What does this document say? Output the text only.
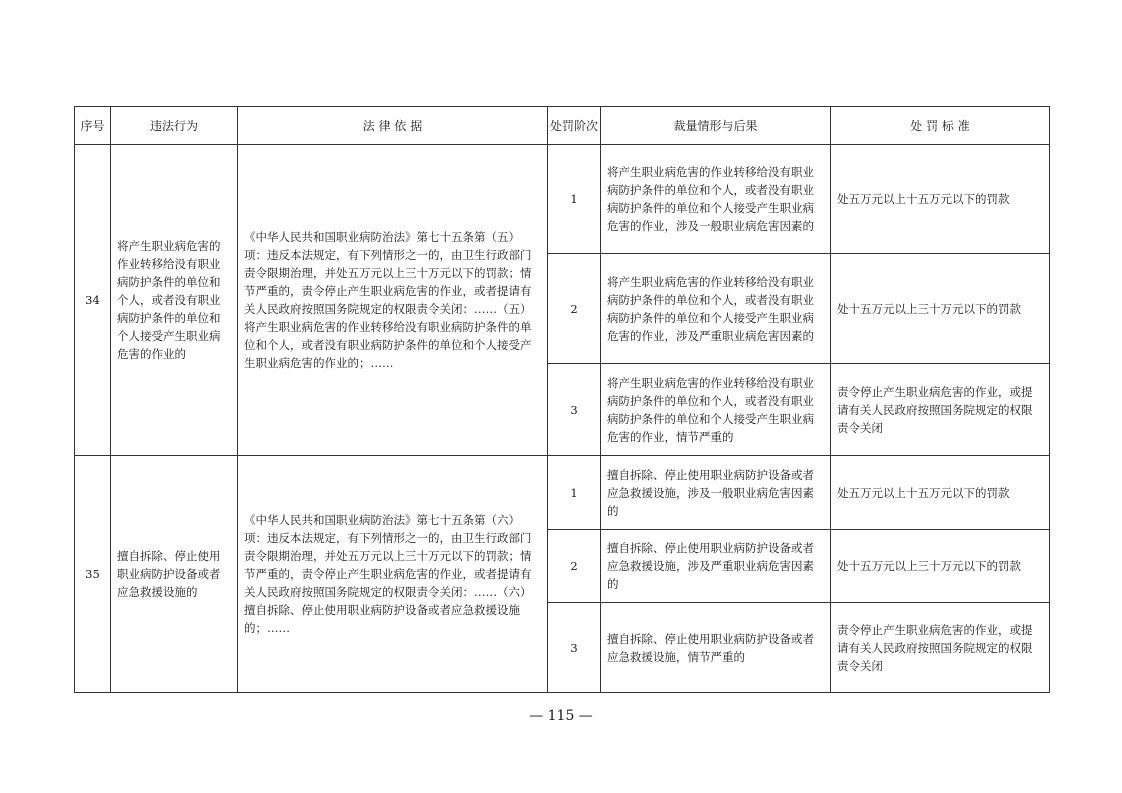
序号	违法行为	法 律 依 据	处罚阶次	裁量情形与后果	处 罚 标 准
34	将产生职业病危害的作业转移给没有职业病防护条件的单位和个人，或者没有职业病防护条件的单位和个人接受产生职业病危害的作业的	《中华人民共和国职业病防治法》第七十五条第（五）项：违反本法规定，有下列情形之一的，由卫生行政部门责令限期治理，并处五万元以上三十万元以下的罚款；情节严重的，责令停止产生职业病危害的作业，或者提请有关人民政府按照国务院规定的权限责令关闭：……（五）将产生职业病危害的作业转移给没有职业病防护条件的单位和个人，或者没有职业病防护条件的单位和个人接受产生职业病危害的作业的；……	1	将产生职业病危害的作业转移给没有职业病防护条件的单位和个人，或者没有职业病防护条件的单位和个人接受产生职业病危害的作业，涉及一般职业病危害因素的	处五万元以上十五万元以下的罚款
			2	将产生职业病危害的作业转移给没有职业病防护条件的单位和个人，或者没有职业病防护条件的单位和个人接受产生职业病危害的作业，涉及严重职业病危害因素的	处十五万元以上三十万元以下的罚款
			3	将产生职业病危害的作业转移给没有职业病防护条件的单位和个人，或者没有职业病防护条件的单位和个人接受产生职业病危害的作业，情节严重的	责令停止产生职业病危害的作业，或提请有关人民政府按照国务院规定的权限责令关闭
35	擅自拆除、停止使用职业病防护设备或者应急救援设施的	《中华人民共和国职业病防治法》第七十五条第（六）项：违反本法规定，有下列情形之一的，由卫生行政部门责令限期治理，并处五万元以上三十万元以下的罚款；情节严重的，责令停止产生职业病危害的作业，或者提请有关人民政府按照国务院规定的权限责令关闭：……（六）擅自拆除、停止使用职业病防护设备或者应急救援设施的；……	1	擅自拆除、停止使用职业病防护设备或者应急救援设施，涉及一般职业病危害因素的	处五万元以上十五万元以下的罚款
			2	擅自拆除、停止使用职业病防护设备或者应急救援设施，涉及严重职业病危害因素的	处十五万元以上三十万元以下的罚款
			3	擅自拆除、停止使用职业病防护设备或者应急救援设施，情节严重的	责令停止产生职业病危害的作业，或提请有关人民政府按照国务院规定的权限责令关闭
— 115 —
